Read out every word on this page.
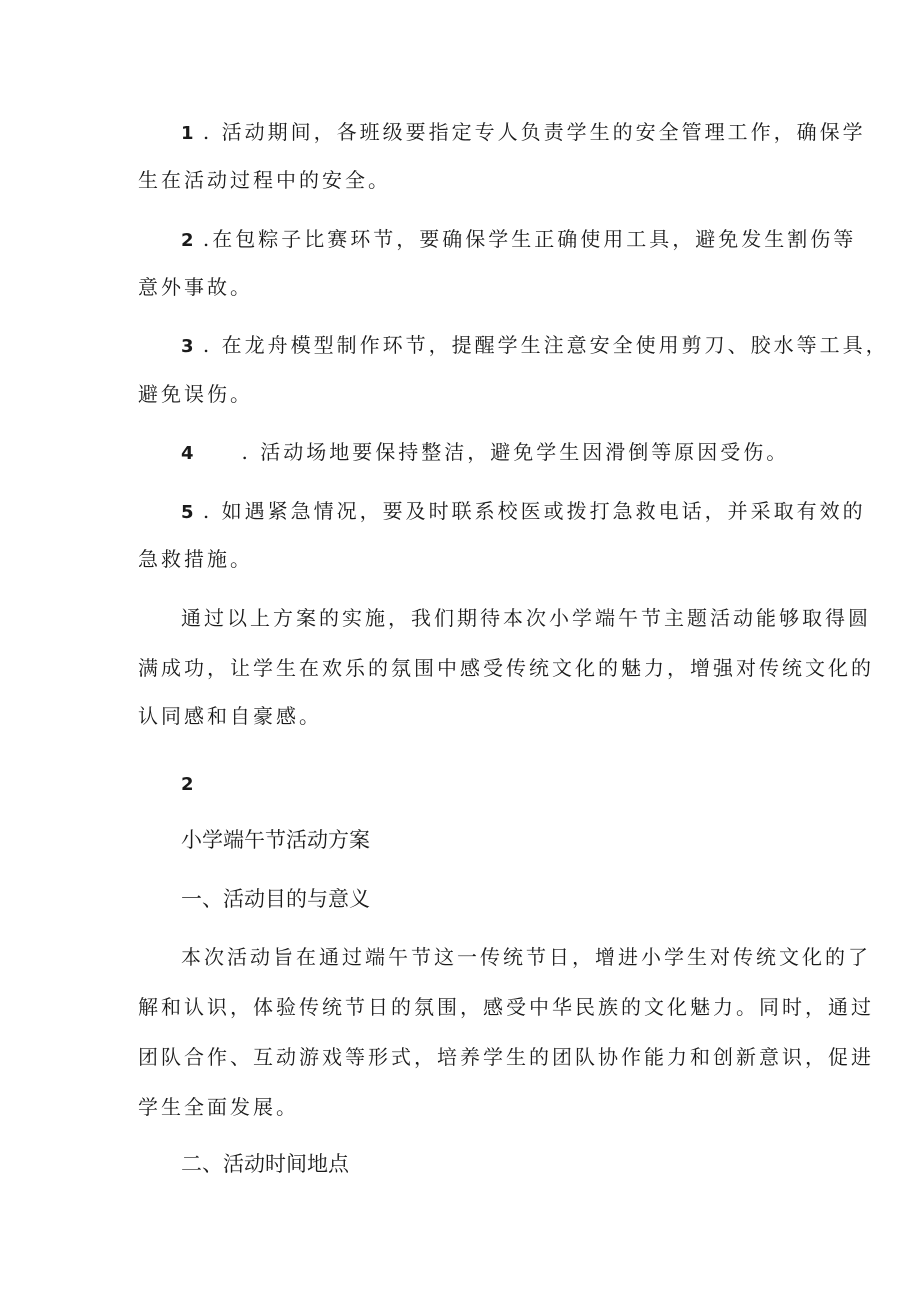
1 . 活动期间，各班级要指定专人负责学生的安全管理工作，确保学
生在活动过程中的安全。
2 .在包粽子比赛环节，要确保学生正确使用工具，避免发生割伤等
意外事故。
3 . 在龙舟模型制作环节，提醒学生注意安全使用剪刀、胶水等工具，
避免误伤。
4 . 活动场地要保持整洁，避免学生因滑倒等原因受伤。
5 . 如遇紧急情况，要及时联系校医或拨打急救电话，并采取有效的
急救措施。
通过以上方案的实施，我们期待本次小学端午节主题活动能够取得圆
满成功，让学生在欢乐的氛围中感受传统文化的魅力，增强对传统文化的
认同感和自豪感。
2
小学端午节活动方案
一、活动目的与意义
本次活动旨在通过端午节这一传统节日，增进小学生对传统文化的了
解和认识，体验传统节日的氛围，感受中华民族的文化魅力。同时，通过
团队合作、互动游戏等形式，培养学生的团队协作能力和创新意识，促进
学生全面发展。
二、活动时间地点
